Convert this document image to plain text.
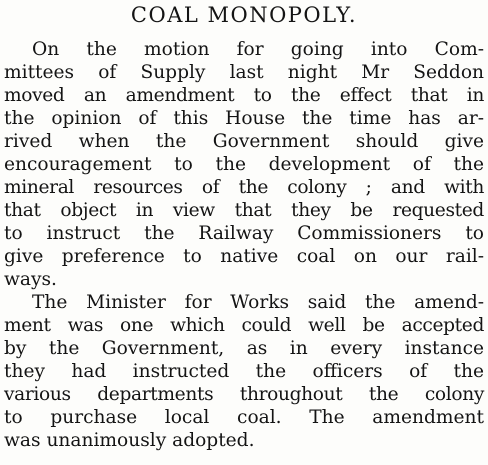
COAL MONOPOLY.
On the motion for going into Com-
mittees of Supply last night Mr Seddon
moved an amendment to the effect that in
the opinion of this House the time has ar-
rived when the Government should give
encouragement to the development of the
mineral resources of the colony ; and with
that object in view that they be requested
to instruct the Railway Commissioners to
give preference to native coal on our rail-
ways.
The Minister for Works said the amend-
ment was one which could well be accepted
by the Government, as in every instance
they had instructed the officers of the
various departments throughout the colony
to purchase local coal. The amendment
was unanimously adopted.
